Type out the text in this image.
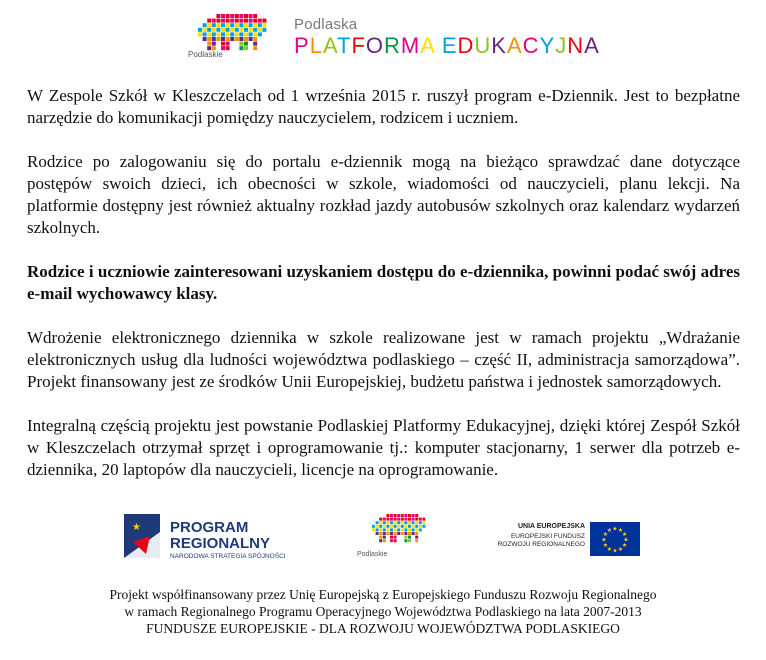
Podlaskie
Podlaska
PLATFORMA EDUKACYJNA

W Zespole Szkół w Kleszczelach od 1 września 2015 r. ruszył program e-Dziennik. Jest to bezpłatne narzędzie do komunikacji pomiędzy nauczycielem, rodzicem i uczniem.

Rodzice po zalogowaniu się do portalu e-dziennik mogą na bieżąco sprawdzać dane dotyczące postępów swoich dzieci, ich obecności w szkole, wiadomości od nauczycieli, planu lekcji. Na platformie dostępny jest również aktualny rozkład jazdy autobusów szkolnych oraz kalendarz wydarzeń szkolnych.

Rodzice i uczniowie zainteresowani uzyskaniem dostępu do e-dziennika, powinni podać swój adres e-mail wychowawcy klasy.

Wdrożenie elektronicznego dziennika w szkole realizowane jest w ramach projektu „Wdrażanie elektronicznych usług dla ludności województwa podlaskiego – część II, administracja samorządowa”. Projekt finansowany jest ze środków Unii Europejskiej, budżetu państwa i jednostek samorządowych.

Integralną częścią projektu jest powstanie Podlaskiej Platformy Edukacyjnej, dzięki której Zespół Szkół w Kleszczelach otrzymał sprzęt i oprogramowanie tj.: komputer stacjonarny, 1 serwer dla potrzeb e-dziennika, 20 laptopów dla nauczycieli, licencje na oprogramowanie.

★ PROGRAM
REGIONALNY
NARODOWA STRATEGIA SPÓJNOŚCI	Podlaskie
UNIA EUROPEJSKA
EUROPEJSKI FUNDUSZ
ROZWOJU REGIONALNEGO
★
★
★
★
★
★
★
★
★ ★ ★
★
Projekt współfinansowany przez Unię Europejską z Europejskiego Funduszu Rozwoju Regionalnego
w ramach Regionalnego Programu Operacyjnego Województwa Podlaskiego na lata 2007-2013
FUNDUSZE EUROPEJSKIE - DLA ROZWOJU WOJEWÓDZTWA PODLASKIEGO
